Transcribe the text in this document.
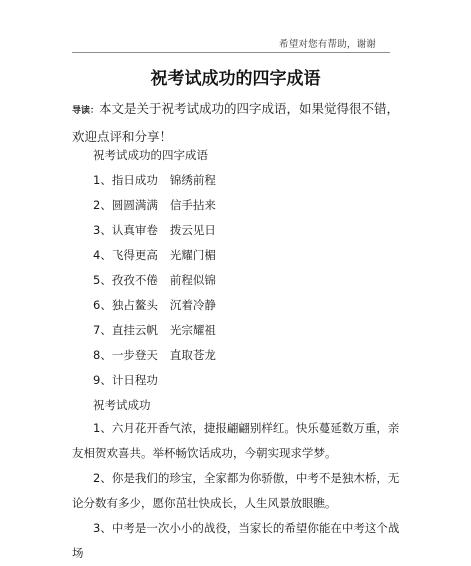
希望对您有帮助，谢谢
祝考试成功的四字成语
导读：本文是关于祝考试成功的四字成语，如果觉得很不错，欢迎点评和分享！
祝考试成功的四字成语
1、指日成功 锦绣前程
2、圆圆满满 信手拈来
3、认真审卷 拨云见日
4、飞得更高 光耀门楣
5、孜孜不倦 前程似锦
6、独占鳌头 沉着冷静
7、直挂云帆 光宗耀祖
8、一步登天 直取苍龙
9、计日程功
祝考试成功
1、六月花开香气浓，捷报翩翩别样红。快乐蔓延数万重，亲友相贺欢喜共。举杯畅饮话成功，今朝实现求学梦。
2、你是我们的珍宝，全家都为你骄傲，中考不是独木桥，无论分数有多少，愿你茁壮快成长，人生风景放眼瞧。
3、中考是一次小小的战役，当家长的希望你能在中考这个战场
